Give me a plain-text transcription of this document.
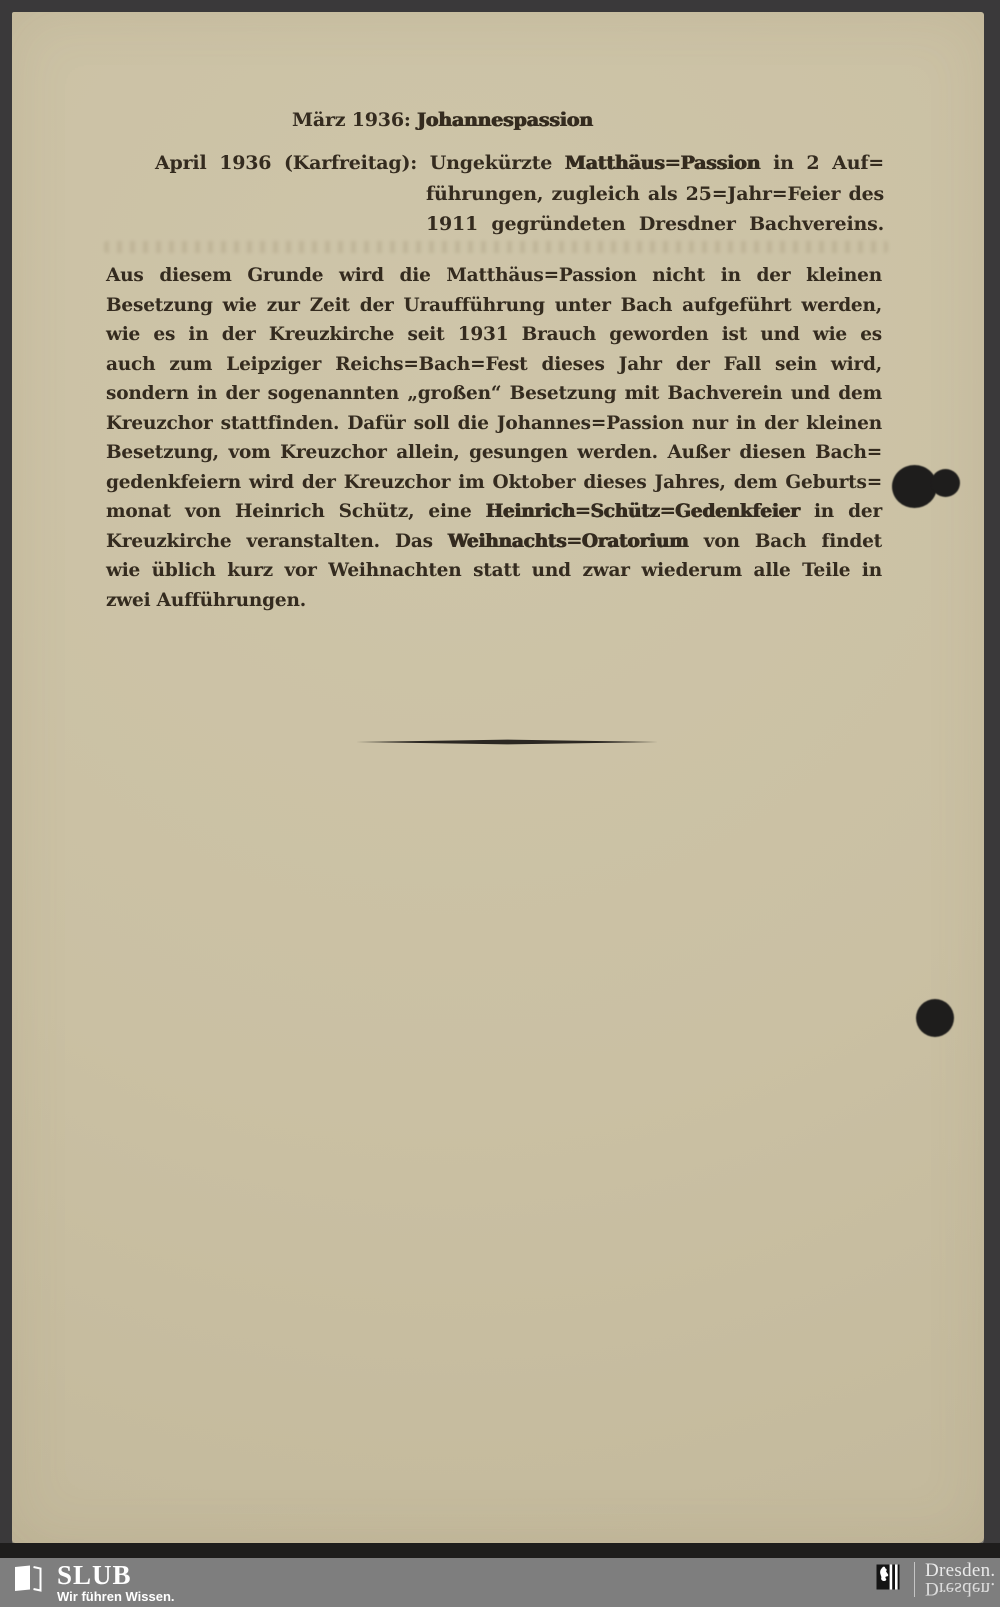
März 1936: Johannespassion
April 1936 (Karfreitag): Ungekürzte Matthäus=Passion in 2 Auf=
führungen, zugleich als 25=Jahr=Feier des
1911 gegründeten Dresdner Bachvereins.
Aus diesem Grunde wird die Matthäus=Passion nicht in der kleinen
Besetzung wie zur Zeit der Uraufführung unter Bach aufgeführt werden,
wie es in der Kreuzkirche seit 1931 Brauch geworden ist und wie es
auch zum Leipziger Reichs=Bach=Fest dieses Jahr der Fall sein wird,
sondern in der sogenannten „großen“ Besetzung mit Bachverein und dem
Kreuzchor stattfinden. Dafür soll die Johannes=Passion nur in der kleinen
Besetzung, vom Kreuzchor allein, gesungen werden. Außer diesen Bach=
gedenkfeiern wird der Kreuzchor im Oktober dieses Jahres, dem Geburts=
monat von Heinrich Schütz, eine Heinrich=Schütz=Gedenkfeier in der
Kreuzkirche veranstalten. Das Weihnachts=Oratorium von Bach findet
wie üblich kurz vor Weihnachten statt und zwar wiederum alle Teile in
zwei Aufführungen.
SLUB
Wir führen Wissen.
Dresden.
Dresden.
